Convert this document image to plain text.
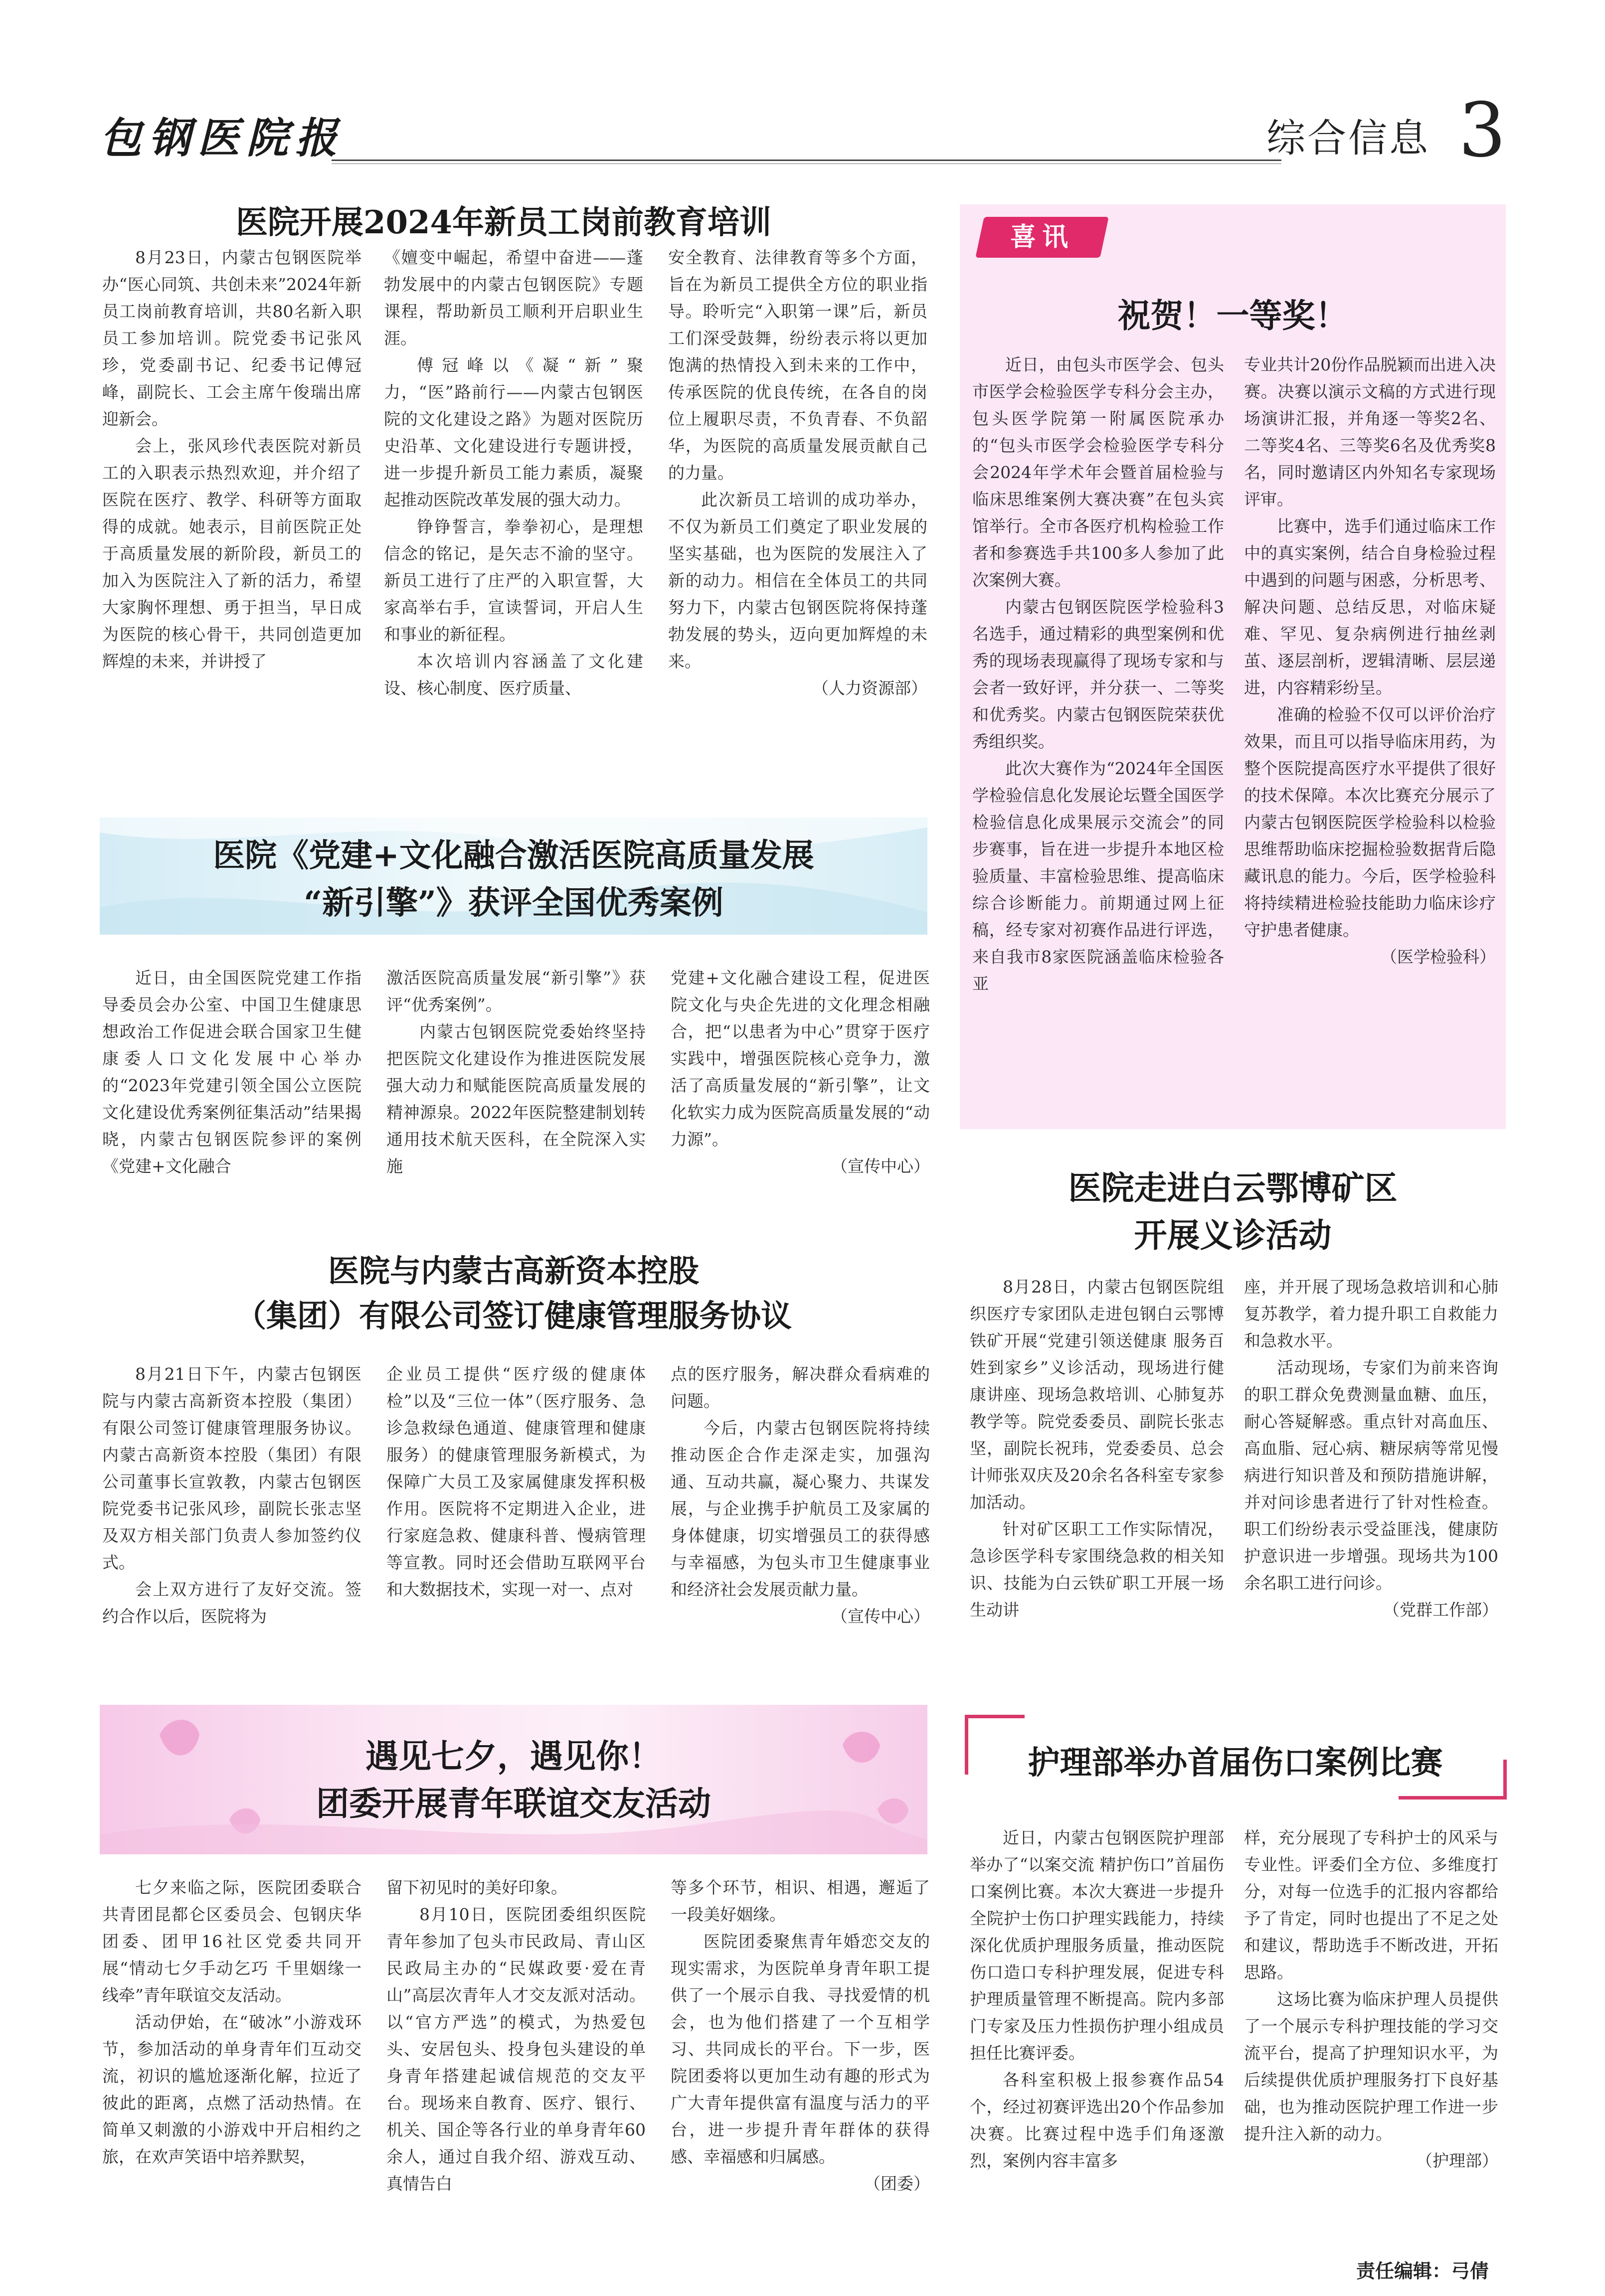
包钢医院报	综合信息 3
医院开展2024年新员工岗前教育培训

8月23日，内蒙古包钢医院举办“医心同筑、共创未来”2024年新员工岗前教育培训，共80名新入职员工参加培训。院党委书记张风珍，党委副书记、纪委书记傅冠峰，副院长、工会主席午俊瑞出席迎新会。

会上，张风珍代表医院对新员工的入职表示热烈欢迎，并介绍了医院在医疗、教学、科研等方面取得的成就。她表示，目前医院正处于高质量发展的新阶段，新员工的加入为医院注入了新的活力，希望大家胸怀理想、勇于担当，早日成为医院的核心骨干，共同创造更加辉煌的未来，并讲授了

《嬗变中崛起，希望中奋进——蓬勃发展中的内蒙古包钢医院》专题课程，帮助新员工顺利开启职业生涯。

傅冠峰以《凝“新”聚力，“医”路前行——内蒙古包钢医院的文化建设之路》为题对医院历史沿革、文化建设进行专题讲授，进一步提升新员工能力素质，凝聚起推动医院改革发展的强大动力。

铮铮誓言，拳拳初心，是理想信念的铭记，是矢志不渝的坚守。新员工进行了庄严的入职宣誓，大家高举右手，宣读誓词，开启人生和事业的新征程。

本次培训内容涵盖了文化建设、核心制度、医疗质量、

安全教育、法律教育等多个方面，旨在为新员工提供全方位的职业指导。聆听完“入职第一课”后，新员工们深受鼓舞，纷纷表示将以更加饱满的热情投入到未来的工作中，传承医院的优良传统，在各自的岗位上履职尽责，不负青春、不负韶华，为医院的高质量发展贡献自己的力量。

此次新员工培训的成功举办，不仅为新员工们奠定了职业发展的坚实基础，也为医院的发展注入了新的动力。相信在全体员工的共同努力下，内蒙古包钢医院将保持蓬勃发展的势头，迈向更加辉煌的未来。

（人力资源部）
医院《党建+文化融合激活医院高质量发展
“新引擎”》获评全国优秀案例

近日，由全国医院党建工作指导委员会办公室、中国卫生健康思想政治工作促进会联合国家卫生健康委人口文化发展中心举办的“2023年党建引领全国公立医院文化建设优秀案例征集活动”结果揭晓，内蒙古包钢医院参评的案例《党建+文化融合

激活医院高质量发展“新引擎”》获评“优秀案例”。

内蒙古包钢医院党委始终坚持把医院文化建设作为推进医院发展强大动力和赋能医院高质量发展的精神源泉。2022年医院整建制划转通用技术航天医科，在全院深入实施

党建+文化融合建设工程，促进医院文化与央企先进的文化理念相融合，把“以患者为中心”贯穿于医疗实践中，增强医院核心竞争力，激活了高质量发展的“新引擎”，让文化软实力成为医院高质量发展的“动力源”。

（宣传中心）
医院与内蒙古高新资本控股
（集团）有限公司签订健康管理服务协议

8月21日下午，内蒙古包钢医院与内蒙古高新资本控股（集团）有限公司签订健康管理服务协议。内蒙古高新资本控股（集团）有限公司董事长宣敦教，内蒙古包钢医院党委书记张风珍，副院长张志坚及双方相关部门负责人参加签约仪式。

会上双方进行了友好交流。签约合作以后，医院将为

企业员工提供“医疗级的健康体检”以及“三位一体”（医疗服务、急诊急救绿色通道、健康管理和健康服务）的健康管理服务新模式，为保障广大员工及家属健康发挥积极作用。医院将不定期进入企业，进行家庭急救、健康科普、慢病管理等宣教。同时还会借助互联网平台和大数据技术，实现一对一、点对

点的医疗服务，解决群众看病难的问题。

今后，内蒙古包钢医院将持续推动医企合作走深走实，加强沟通、互动共赢，凝心聚力、共谋发展，与企业携手护航员工及家属的身体健康，切实增强员工的获得感与幸福感，为包头市卫生健康事业和经济社会发展贡献力量。

（宣传中心）
遇见七夕，遇见你！
团委开展青年联谊交友活动

七夕来临之际，医院团委联合共青团昆都仑区委员会、包钢庆华团委、团甲16社区党委共同开展“情动七夕手动乞巧 千里姻缘一线牵”青年联谊交友活动。

活动伊始，在“破冰”小游戏环节，参加活动的单身青年们互动交流，初识的尴尬逐渐化解，拉近了彼此的距离，点燃了活动热情。在简单又刺激的小游戏中开启相约之旅，在欢声笑语中培养默契，

留下初见时的美好印象。

8月10日，医院团委组织医院青年参加了包头市民政局、青山区民政局主办的“民媒政要·爱在青山”高层次青年人才交友派对活动。以“官方严选”的模式，为热爱包头、安居包头、投身包头建设的单身青年搭建起诚信规范的交友平台。现场来自教育、医疗、银行、机关、国企等各行业的单身青年60余人，通过自我介绍、游戏互动、真情告白

等多个环节，相识、相遇，邂逅了一段美好姻缘。

医院团委聚焦青年婚恋交友的现实需求，为医院单身青年职工提供了一个展示自我、寻找爱情的机会，也为他们搭建了一个互相学习、共同成长的平台。下一步，医院团委将以更加生动有趣的形式为广大青年提供富有温度与活力的平台，进一步提升青年群体的获得感、幸福感和归属感。

（团委）
喜讯
祝贺！一等奖！

近日，由包头市医学会、包头市医学会检验医学专科分会主办，包头医学院第一附属医院承办的“包头市医学会检验医学专科分会2024年学术年会暨首届检验与临床思维案例大赛决赛”在包头宾馆举行。全市各医疗机构检验工作者和参赛选手共100多人参加了此次案例大赛。

内蒙古包钢医院医学检验科3名选手，通过精彩的典型案例和优秀的现场表现赢得了现场专家和与会者一致好评，并分获一、二等奖和优秀奖。内蒙古包钢医院荣获优秀组织奖。

此次大赛作为“2024年全国医学检验信息化发展论坛暨全国医学检验信息化成果展示交流会”的同步赛事，旨在进一步提升本地区检验质量、丰富检验思维、提高临床综合诊断能力。前期通过网上征稿，经专家对初赛作品进行评选，来自我市8家医院涵盖临床检验各亚

专业共计20份作品脱颖而出进入决赛。决赛以演示文稿的方式进行现场演讲汇报，并角逐一等奖2名、二等奖4名、三等奖6名及优秀奖8名，同时邀请区内外知名专家现场评审。

比赛中，选手们通过临床工作中的真实案例，结合自身检验过程中遇到的问题与困惑，分析思考、解决问题、总结反思，对临床疑难、罕见、复杂病例进行抽丝剥茧、逐层剖析，逻辑清晰、层层递进，内容精彩纷呈。

准确的检验不仅可以评价治疗效果，而且可以指导临床用药，为整个医院提高医疗水平提供了很好的技术保障。本次比赛充分展示了内蒙古包钢医院医学检验科以检验思维帮助临床挖掘检验数据背后隐藏讯息的能力。今后，医学检验科将持续精进检验技能助力临床诊疗守护患者健康。

（医学检验科）
医院走进白云鄂博矿区
开展义诊活动

8月28日，内蒙古包钢医院组织医疗专家团队走进包钢白云鄂博铁矿开展“党建引领送健康 服务百姓到家乡”义诊活动，现场进行健康讲座、现场急救培训、心肺复苏教学等。院党委委员、副院长张志坚，副院长祝玮，党委委员、总会计师张双庆及20余名各科室专家参加活动。

针对矿区职工工作实际情况，急诊医学科专家围绕急救的相关知识、技能为白云铁矿职工开展一场生动讲

座，并开展了现场急救培训和心肺复苏教学，着力提升职工自救能力和急救水平。

活动现场，专家们为前来咨询的职工群众免费测量血糖、血压，耐心答疑解惑。重点针对高血压、高血脂、冠心病、糖尿病等常见慢病进行知识普及和预防措施讲解，并对问诊患者进行了针对性检查。职工们纷纷表示受益匪浅，健康防护意识进一步增强。现场共为100余名职工进行问诊。

（党群工作部）
护理部举办首届伤口案例比赛

近日，内蒙古包钢医院护理部举办了“以案交流 精护伤口”首届伤口案例比赛。本次大赛进一步提升全院护士伤口护理实践能力，持续深化优质护理服务质量，推动医院伤口造口专科护理发展，促进专科护理质量管理不断提高。院内多部门专家及压力性损伤护理小组成员担任比赛评委。

各科室积极上报参赛作品54个，经过初赛评选出20个作品参加决赛。比赛过程中选手们角逐激烈，案例内容丰富多

样，充分展现了专科护士的风采与专业性。评委们全方位、多维度打分，对每一位选手的汇报内容都给予了肯定，同时也提出了不足之处和建议，帮助选手不断改进，开拓思路。

这场比赛为临床护理人员提供了一个展示专科护理技能的学习交流平台，提高了护理知识水平，为后续提供优质护理服务打下良好基础，也为推动医院护理工作进一步提升注入新的动力。

（护理部）
责任编辑：弓倩
